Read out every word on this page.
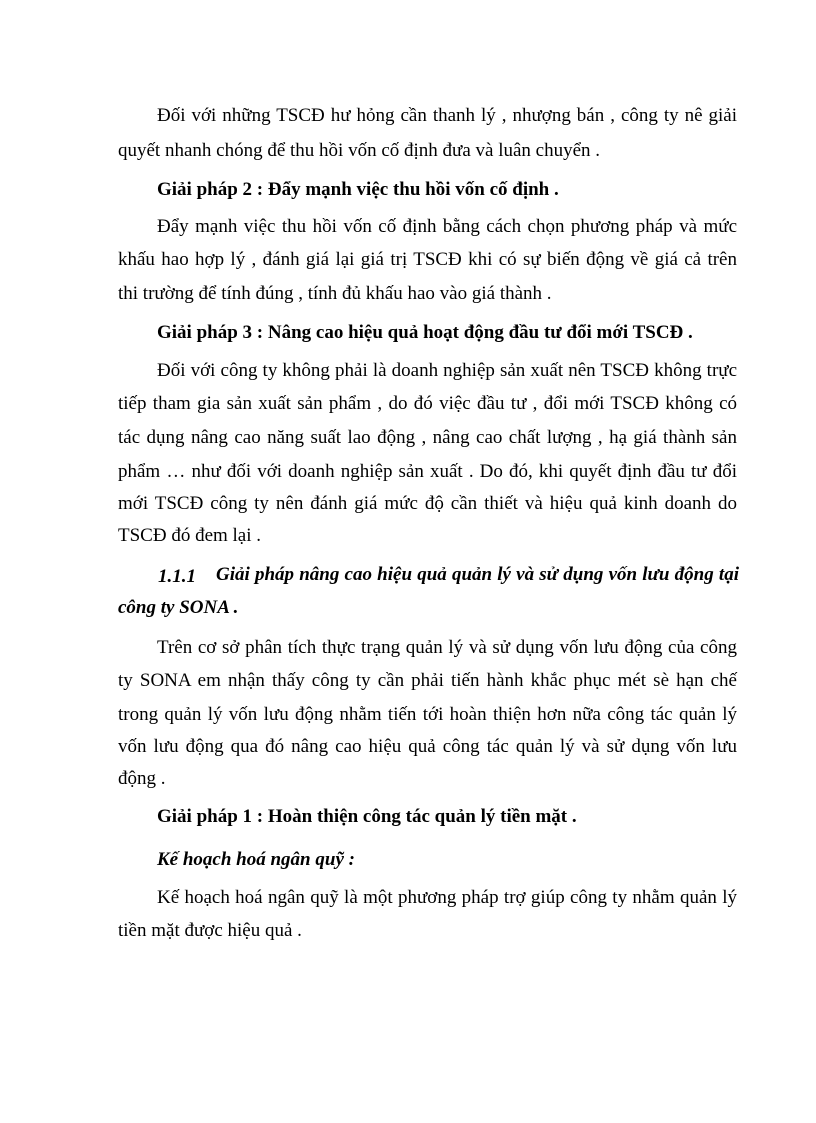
Đối với những TSCĐ hư hỏng cần thanh lý , nhượng bán , công ty nê giải
quyết nhanh chóng để thu hồi vốn cố định đưa và luân chuyển .
Giải pháp 2 : Đẩy mạnh việc thu hồi vốn cố định .
Đẩy mạnh việc thu hồi vốn cố định bằng cách chọn phương pháp và mức
khấu hao hợp lý , đánh giá lại giá trị TSCĐ khi có sự biến động về giá cả trên
thi trường để tính đúng , tính đủ khấu hao vào giá thành .
Giải pháp 3 : Nâng cao hiệu quả hoạt động đầu tư đổi mới TSCĐ .
Đối với công ty không phải là doanh nghiệp sản xuất nên TSCĐ không trực
tiếp tham gia sản xuất sản phẩm , do đó việc đầu tư , đổi mới TSCĐ không có
tác dụng nâng cao năng suất lao động , nâng cao chất lượng , hạ giá thành sản
phẩm … như đối với doanh nghiệp sản xuất . Do đó, khi quyết định đầu tư đổi
mới TSCĐ công ty nên đánh giá mức độ cần thiết và hiệu quả kinh doanh do
TSCĐ đó đem lại .
1.1.1 Giải pháp nâng cao hiệu quả quản lý và sử dụng vốn lưu động tại
công ty SONA .
Trên cơ sở phân tích thực trạng quản lý và sử dụng vốn lưu động của công
ty SONA em nhận thấy công ty cần phải tiến hành khắc phục mét sè hạn chế
trong quản lý vốn lưu động nhằm tiến tới hoàn thiện hơn nữa công tác quản lý
vốn lưu động qua đó nâng cao hiệu quả công tác quản lý và sử dụng vốn lưu
động .
Giải pháp 1 : Hoàn thiện công tác quản lý tiền mặt .
Kế hoạch hoá ngân quỹ :
Kế hoạch hoá ngân quỹ là một phương pháp trợ giúp công ty nhằm quản lý
tiền mặt được hiệu quả .
